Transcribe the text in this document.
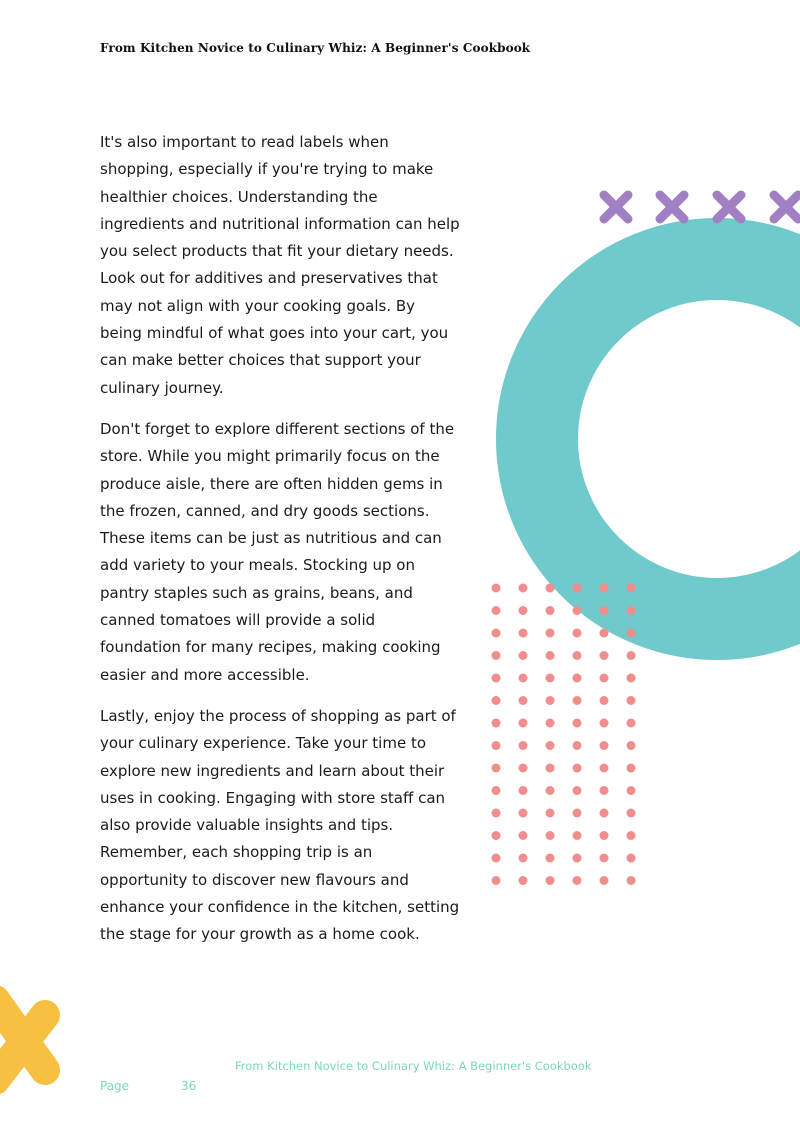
From Kitchen Novice to Culinary Whiz: A Beginner's Cookbook

It's also important to read labels when shopping, especially if you're trying to make healthier choices. Understanding the ingredients and nutritional information can help you select products that fit your dietary needs. Look out for additives and preservatives that may not align with your cooking goals. By being mindful of what goes into your cart, you can make better choices that support your culinary journey.

Don't forget to explore different sections of the store. While you might primarily focus on the produce aisle, there are often hidden gems in the frozen, canned, and dry goods sections. These items can be just as nutritious and can add variety to your meals. Stocking up on pantry staples such as grains, beans, and canned tomatoes will provide a solid foundation for many recipes, making cooking easier and more accessible.

Lastly, enjoy the process of shopping as part of your culinary experience. Take your time to explore new ingredients and learn about their uses in cooking. Engaging with store staff can also provide valuable insights and tips. Remember, each shopping trip is an opportunity to discover new flavours and enhance your confidence in the kitchen, setting the stage for your growth as a home cook.

From Kitchen Novice to Culinary Whiz: A Beginner's Cookbook
Page	36
